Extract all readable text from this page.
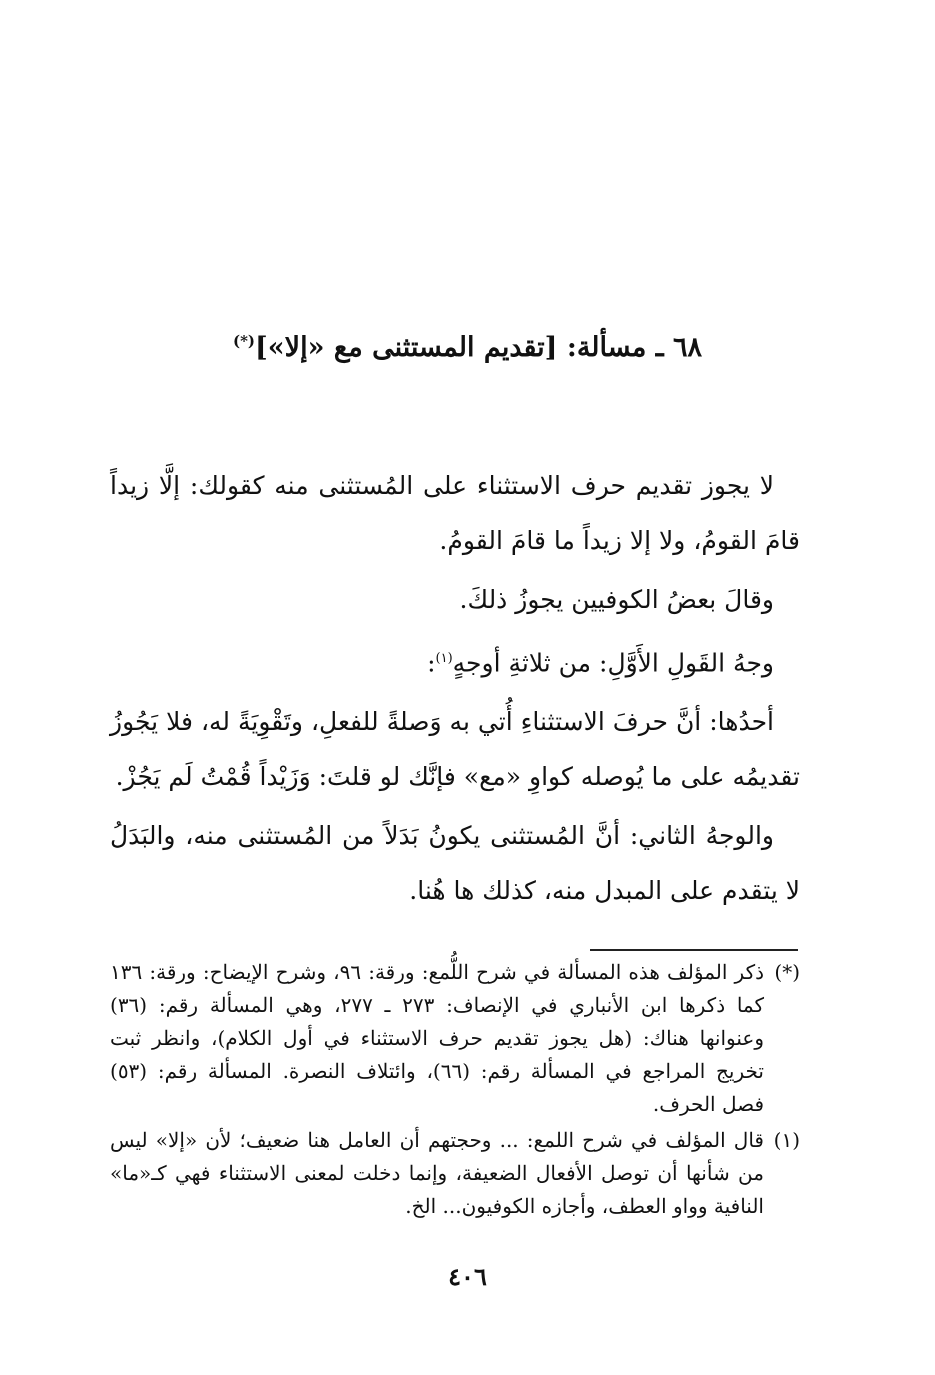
٦٨ ـ مسألة: [تقديم المستثنى مع «إلا»](*)

لا يجوز تقديم حرف الاستثناء على المُستثنى منه كقولك: إلَّا زيداً قامَ القومُ، ولا إلا زيداً ما قامَ القومُ.

وقالَ بعضُ الكوفيين يجوزُ ذلكَ.

وجهُ القَولِ الأَوَّلِ: من ثلاثةِ أوجهٍ$^{(١)}$:

أحدُها: أنَّ حرفَ الاستثناءِ أُتي به وَصلةً للفعلِ، وتَقْوِيَةً له، فلا يَجُوزُ تقديمُه على ما يُوصله كواوِ «مع» فإنَّك لو قلتَ: وَزَيْداً قُمْتُ لَم يَجُزْ.

والوجهُ الثاني: أنَّ المُستثنى يكونُ بَدَلاً من المُستثنى منه، والبَدَلُ لا يتقدم على المبدل منه، كذلك ها هُنا.

(*)
ذكر المؤلف هذه المسألة في شرح اللُّمع: ورقة: ٩٦، وشرح الإيضاح: ورقة: ١٣٦ كما ذكرها ابن الأنباري في الإنصاف: ٢٧٣ ـ ٢٧٧، وهي المسألة رقم: (٣٦) وعنوانها هناك: (هل يجوز تقديم حرف الاستثناء في أول الكلام)، وانظر ثبت تخريج المراجع في المسألة رقم: (٦٦)، وائتلاف النصرة. المسألة رقم: (٥٣) فصل الحرف.
(١)
قال المؤلف في شرح اللمع: ... وحجتهم أن العامل هنا ضعيف؛ لأن «إلا» ليس من شأنها أن توصل الأفعال الضعيفة، وإنما دخلت لمعنى الاستثناء فهي كـ«ما» النافية وواو العطف، وأجازه الكوفيون... الخ.
٤٠٦
